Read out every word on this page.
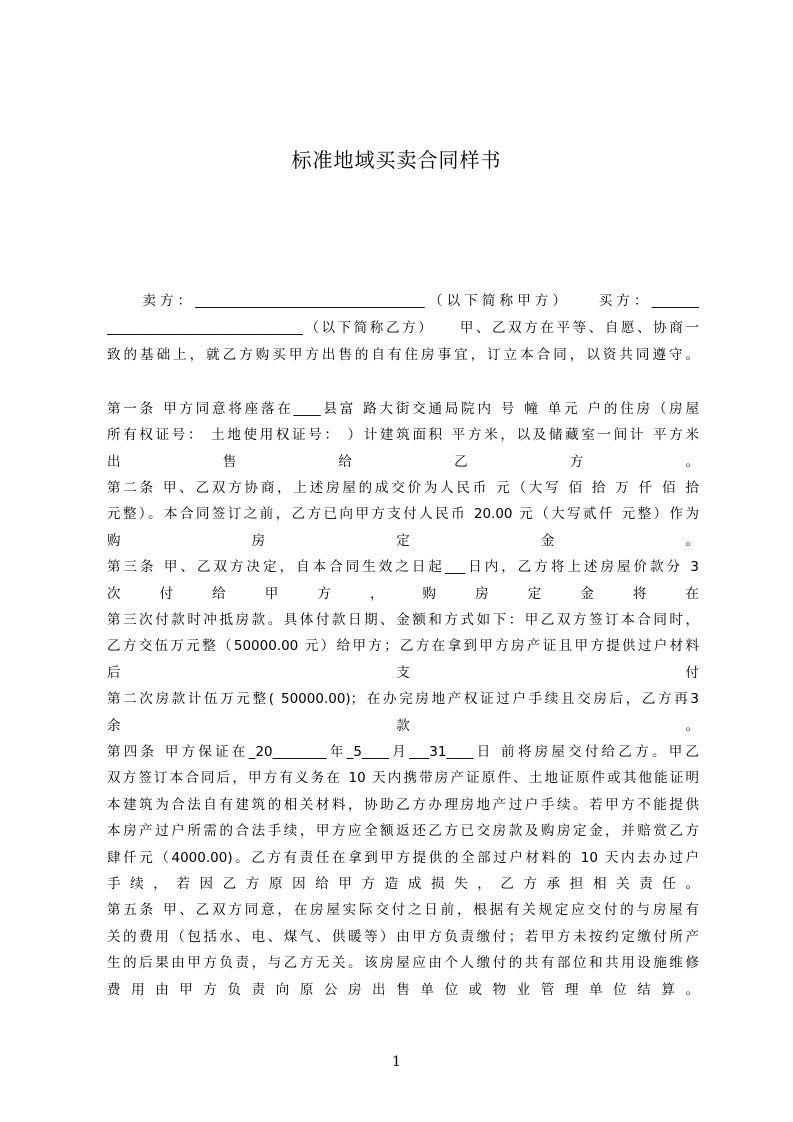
标准地域买卖合同样书
　　卖方：__________________________________（以下简称甲方）　　买方：_______
_____________________________（以下简称乙方）　　甲、乙双方在平等、自愿、协商一
致的基础上，就乙方购买甲方出售的自有住房事宜，订立本合同，以资共同遵守。
第一条 甲方同意将座落在____县富 路大街交通局院内 号 幢 单元 户的住房（房屋
所有权证号： 土地使用权证号： ）计建筑面积 平方米，以及储藏室一间计 平方米
出 售 给 乙 方 。
第二条 甲、乙双方协商，上述房屋的成交价为人民币 元（大写 佰 拾 万 仟 佰 拾
元整）。本合同签订之前，乙方已向甲方支付人民币 20.00 元（大写贰仟 元整）作为
购 房 定 金 。
第三条 甲、乙双方决定，自本合同生效之日起___日内，乙方将上述房屋价款分 3
次 付 给 甲 方 ， 购 房 定 金 将 在
第三次付款时冲抵房款。具体付款日期、金额和方式如下：甲乙双方签订本合同时，
乙方交伍万元整（50000.00 元）给甲方；乙方在拿到甲方房产证且甲方提供过户材料
后 支 付
第二次房款计伍万元整( 50000.00)；在办完房地产权证过户手续且交房后，乙方再3
余 款 。
第四条 甲方保证在_20________年_5____月___31____日 前将房屋交付给乙方。甲乙
双方签订本合同后，甲方有义务在 10 天内携带房产证原件、土地证原件或其他能证明
本建筑为合法自有建筑的相关材料，协助乙方办理房地产过户手续。若甲方不能提供
本房产过户所需的合法手续，甲方应全额返还乙方已交房款及购房定金，并赔赏乙方
肆仟元（4000.00)。乙方有责任在拿到甲方提供的全部过户材料的 10 天内去办过户
手 续 ， 若 因 乙 方 原 因 给 甲 方 造 成 损 失 ， 乙 方 承 担 相 关 责 任 。
第五条 甲、乙双方同意，在房屋实际交付之日前，根据有关规定应交付的与房屋有
关的费用（包括水、电、煤气、供暖等）由甲方负责缴付；若甲方未按约定缴付所产
生的后果由甲方负责，与乙方无关。该房屋应由个人缴付的共有部位和共用设施维修
费 用 由 甲 方 负 责 向 原 公 房 出 售 单 位 或 物 业 管 理 单 位 结 算 。
1
